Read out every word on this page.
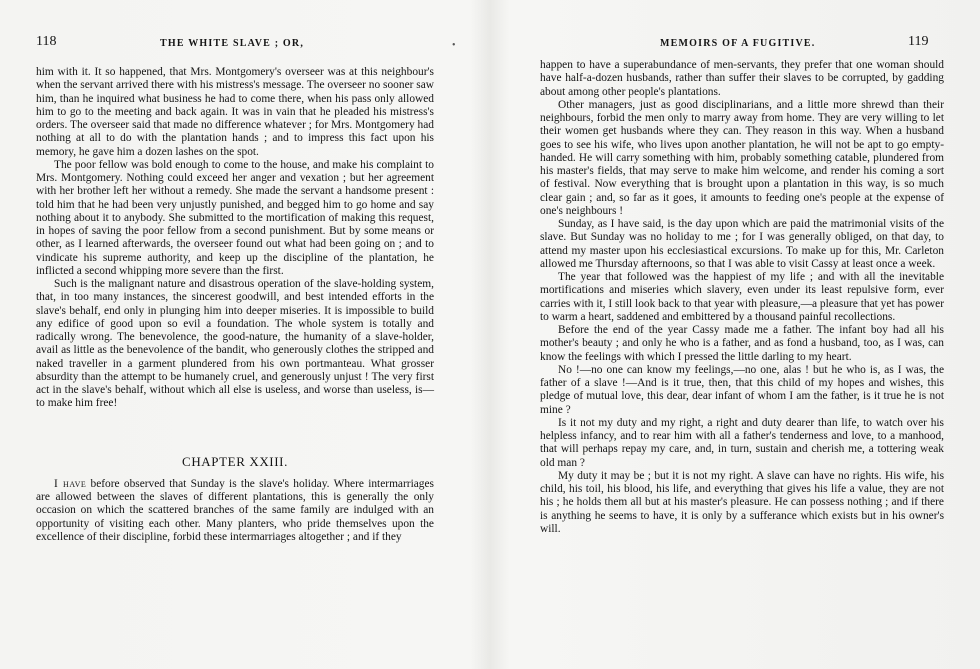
118	THE WHITE SLAVE ; OR,	•

him with it. It so happened, that Mrs. Montgomery's overseer was at this neighbour's when the servant arrived there with his mistress's message. The overseer no sooner saw him, than he inquired what business he had to come there, when his pass only allowed him to go to the meeting and back again. It was in vain that he pleaded his mistress's orders. The overseer said that made no difference whatever ; for Mrs. Montgomery had nothing at all to do with the plantation hands ; and to impress this fact upon his memory, he gave him a dozen lashes on the spot.

The poor fellow was bold enough to come to the house, and make his complaint to Mrs. Montgomery. Nothing could exceed her anger and vexation ; but her agreement with her brother left her without a remedy. She made the servant a handsome present : told him that he had been very unjustly punished, and begged him to go home and say nothing about it to anybody. She submitted to the mortification of making this request, in hopes of saving the poor fellow from a second punishment. But by some means or other, as I learned afterwards, the overseer found out what had been going on ; and to vindicate his supreme authority, and keep up the discipline of the plantation, he inflicted a second whipping more severe than the first.

Such is the malignant nature and disastrous operation of the slave-holding system, that, in too many instances, the sincerest goodwill, and best intended efforts in the slave's behalf, end only in plunging him into deeper miseries. It is impossible to build any edifice of good upon so evil a foundation. The whole system is totally and radically wrong. The benevolence, the good-nature, the humanity of a slave-holder, avail as little as the benevolence of the bandit, who generously clothes the stripped and naked traveller in a garment plundered from his own portmanteau. What grosser absurdity than the attempt to be humanely cruel, and generously unjust ! The very first act in the slave's behalf, without which all else is useless, and worse than useless, is—to make him free!

CHAPTER XXIII.

I have before observed that Sunday is the slave's holiday. Where intermarriages are allowed between the slaves of different plantations, this is generally the only occasion on which the scattered branches of the same family are indulged with an opportunity of visiting each other. Many planters, who pride themselves upon the excellence of their discipline, forbid these intermarriages altogether ; and if they

MEMOIRS OF A FUGITIVE.	119

happen to have a superabundance of men-servants, they prefer that one woman should have half-a-dozen husbands, rather than suffer their slaves to be corrupted, by gadding about among other people's plantations.

Other managers, just as good disciplinarians, and a little more shrewd than their neighbours, forbid the men only to marry away from home. They are very willing to let their women get husbands where they can. They reason in this way. When a husband goes to see his wife, who lives upon another plantation, he will not be apt to go empty-handed. He will carry something with him, probably something catable, plundered from his master's fields, that may serve to make him welcome, and render his coming a sort of festival. Now everything that is brought upon a plantation in this way, is so much clear gain ; and, so far as it goes, it amounts to feeding one's people at the expense of one's neighbours !

Sunday, as I have said, is the day upon which are paid the matrimonial visits of the slave. But Sunday was no holiday to me ; for I was generally obliged, on that day, to attend my master upon his ecclesiastical excursions. To make up for this, Mr. Carleton allowed me Thursday afternoons, so that I was able to visit Cassy at least once a week.

The year that followed was the happiest of my life ; and with all the inevitable mortifications and miseries which slavery, even under its least repulsive form, ever carries with it, I still look back to that year with pleasure,—a pleasure that yet has power to warm a heart, saddened and embittered by a thousand painful recollections.

Before the end of the year Cassy made me a father. The infant boy had all his mother's beauty ; and only he who is a father, and as fond a husband, too, as I was, can know the feelings with which I pressed the little darling to my heart.

No !—no one can know my feelings,—no one, alas ! but he who is, as I was, the father of a slave !—And is it true, then, that this child of my hopes and wishes, this pledge of mutual love, this dear, dear infant of whom I am the father, is it true he is not mine ?

Is it not my duty and my right, a right and duty dearer than life, to watch over his helpless infancy, and to rear him with all a father's tenderness and love, to a manhood, that will perhaps repay my care, and, in turn, sustain and cherish me, a tottering weak old man ?

My duty it may be ; but it is not my right. A slave can have no rights. His wife, his child, his toil, his blood, his life, and everything that gives his life a value, they are not his ; he holds them all but at his master's pleasure. He can possess nothing ; and if there is anything he seems to have, it is only by a sufferance which exists but in his owner's will.
